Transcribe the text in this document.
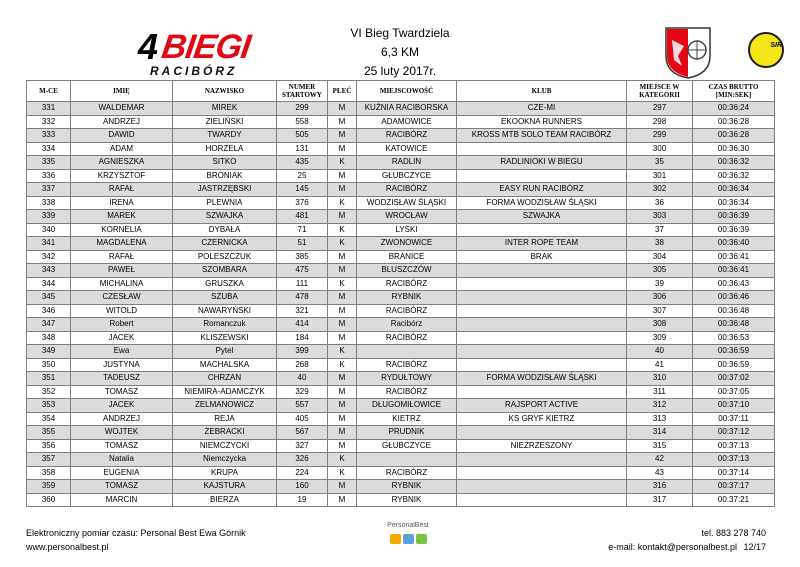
4 BIEGI
RACIBÓRZ
VI Bieg Twardziela
6,3 KM
25 luty 2017r.
SIR
M-CE	IMIĘ	NAZWISKO	NUMER STARTOWY	PŁEĆ	MIEJSCOWOŚĆ	KLUB	MIEJSCE W KATEGORII	CZAS BRUTTO [MIN:SEK]
331	WALDEMAR	MIREK	299	M	KUŹNIA RACIBORSKA	CZE-MI	297	00:36:24
332	ANDRZEJ	ZIELIŃSKI	558	M	ADAMOWICE	EKOOKNA RUNNERS	298	00:36:28
333	DAWID	TWARDY	505	M	RACIBÓRZ	KROSS MTB SOLO TEAM RACIBÓRZ	299	00:36:28
334	ADAM	HORZELA	131	M	KATOWICE		300	00:36:30
335	AGNIESZKA	SITKO	435	K	RADLIN	RADLINIOKI W BIEGU	35	00:36:32
336	KRZYSZTOF	BRONIAK	25	M	GŁUBCZYCE		301	00:36:32
337	RAFAŁ	JASTRZĘBSKI	145	M	RACIBÓRZ	EASY RUN RACIBÓRZ	302	00:36:34
338	IRENA	PLEWNIA	376	K	WODZISŁAW ŚLĄSKI	FORMA WODZISŁAW ŚLĄSKI	36	00:36:34
339	MAREK	SZWAJKA	481	M	WROCŁAW	SZWAJKA	303	00:36:39
340	KORNELIA	DYBAŁA	71	K	LYSKI		37	00:36:39
341	MAGDALENA	CZERNICKA	51	K	ZWONOWICE	INTER ROPE TEAM	38	00:36:40
342	RAFAŁ	POLESZCZUK	385	M	BRANICE	BRAK	304	00:36:41
343	PAWEŁ	SZOMBARA	475	M	BLUSZCZÓW		305	00:36:41
344	MICHALINA	GRUSZKA	111	K	RACIBÓRZ		39	00:36:43
345	CZESŁAW	SZUBA	478	M	RYBNIK		306	00:36:46
346	WITOLD	NAWARYŃSKI	321	M	RACIBÓRZ		307	00:36:48
347	Robert	Romanczuk	414	M	Racibórz		308	00:36:48
348	JACEK	KLISZEWSKI	184	M	RACIBÓRZ		309	00:36:53
349	Ewa	Pytel	399	K			40	00:36:59
350	JUSTYNA	MACHALSKA	268	K	RACIBÓRZ		41	00:36:59
351	TADEUSZ	CHRZAN	40	M	RYDUŁTOWY	FORMA WODZISŁAW ŚLĄSKI	310	00:37:02
352	TOMASZ	NIEMIRA-ADAMCZYK	329	M	RACIBÓRZ		311	00:37:05
353	JACEK	ZELMANOWICZ	557	M	DŁUGOMIŁOWICE	RAJSPORT ACTIVE	312	00:37:10
354	ANDRZEJ	REJA	405	M	KIETRZ	KS GRYF KIETRZ	313	00:37:11
355	WOJTEK	ŻEBRACKI	567	M	PRUDNIK		314	00:37:12
356	TOMASZ	NIEMCZYCKI	327	M	GŁUBCZYCE	NIEZRZESZONY	315	00:37:13
357	Natalia	Niemczycka	326	K			42	00:37:13
358	EUGENIA	KRUPA	224	K	RACIBÓRZ		43	00:37:14
359	TOMASZ	KAJSTURA	160	M	RYBNIK		316	00:37:17
360	MARCIN	BIERZA	19	M	RYBNIK		317	00:37:21
Elektroniczny pomiar czasu: Personal Best Ewa Górnik
www.personalbest.pl
PersonalBest
tel. 883 278 740
e-mail: kontakt@personalbest.pl 12/17
